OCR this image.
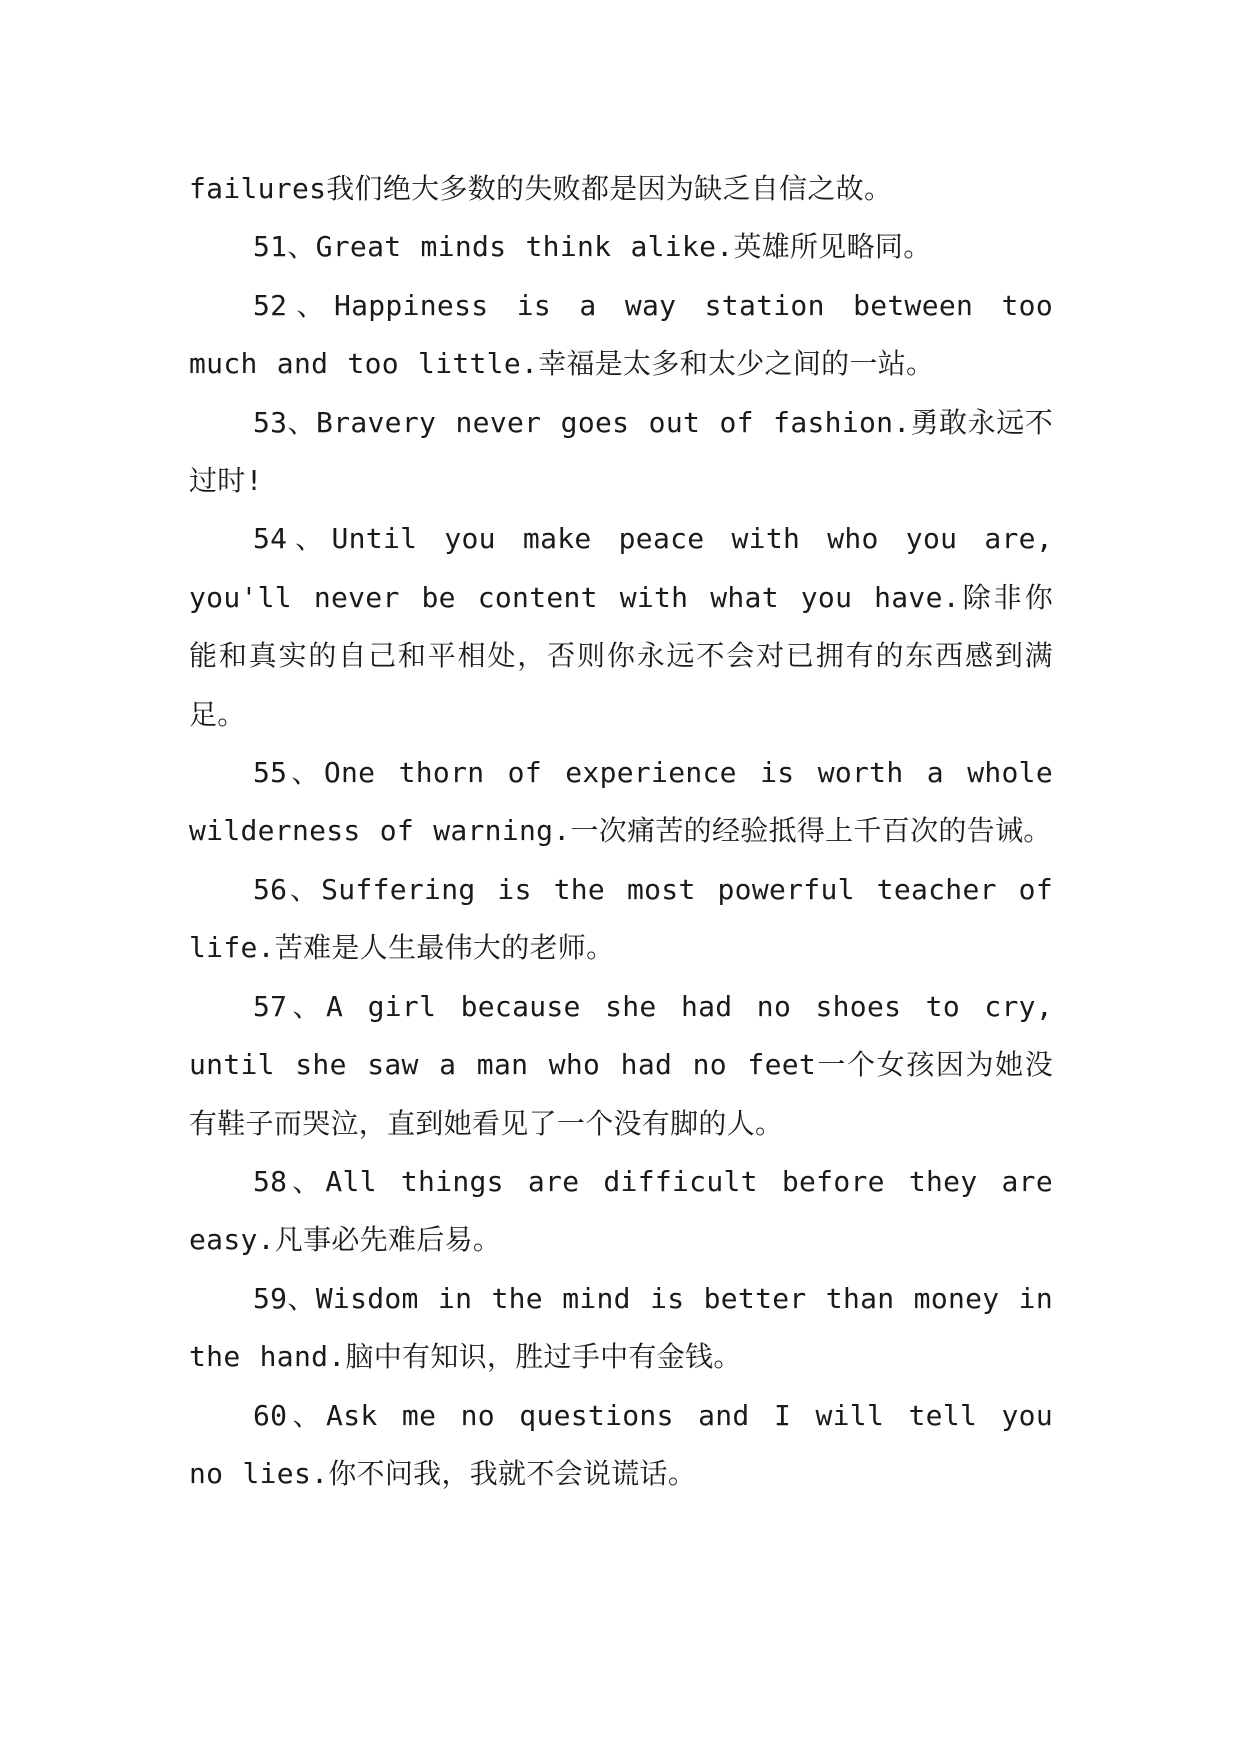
failures我们绝大多数的失败都是因为缺乏自信之故。

51、Great minds think alike.英雄所见略同。

52、Happiness is a way station between too much and too little.幸福是太多和太少之间的一站。

53、Bravery never goes out of fashion.勇敢永远不过时!

54、Until you make peace with who you are, you'll never be content with what you have.除非你能和真实的自己和平相处，否则你永远不会对已拥有的东西感到满足。

55、One thorn of experience is worth a whole wilderness of warning.一次痛苦的经验抵得上千百次的告诫。

56、Suffering is the most powerful teacher of life.苦难是人生最伟大的老师。

57、A girl because she had no shoes to cry, until she saw a man who had no feet一个女孩因为她没有鞋子而哭泣，直到她看见了一个没有脚的人。

58、All things are difficult before they are easy.凡事必先难后易。

59、Wisdom in the mind is better than money in the hand.脑中有知识，胜过手中有金钱。

60、Ask me no questions and I will tell you no lies.你不问我，我就不会说谎话。
